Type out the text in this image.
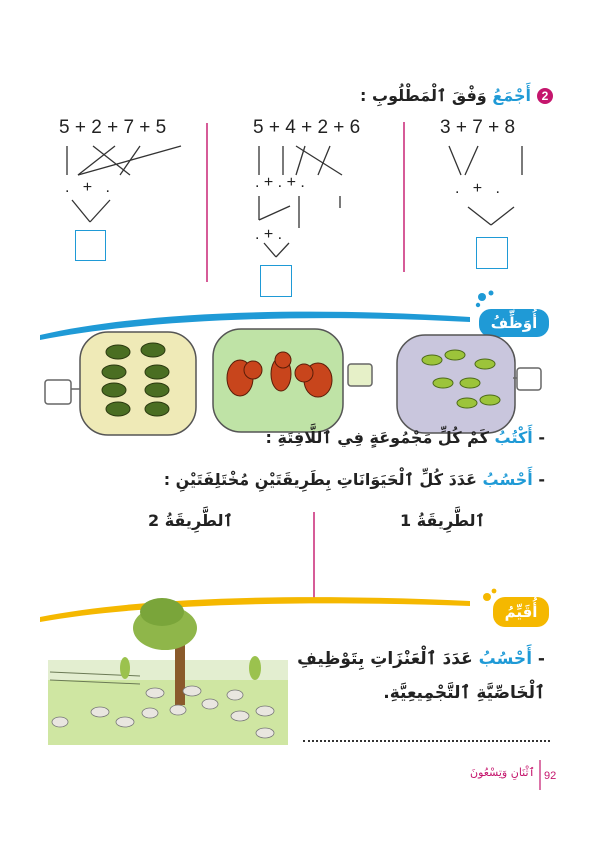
2
أَجْمَعُ وَفْقَ ٱلْمَطْلُوبِ :
3 + 7 + 8
.   +   .
5 + 4 + 2 + 6
. + . + .
. + .
5 + 2 + 7 + 5
.   +   .
أُوَظِّفُ
- أَكْتُبُ كَمْ كُلِّ مَجْمُوعَةٍ فِي ٱللَّافِتَةِ :
- أَحْسُبُ عَدَدَ كُلِّ ٱلْحَيَوَانَاتِ بِطَرِيقَتَيْنِ مُخْتَلِفَتَيْنِ :
ٱلطَّرِيقَةُ 1
ٱلطَّرِيقَةُ 2
أُقَيِّمُ
- أَحْسُبُ عَدَدَ ٱلْعَنْزَاتِ بِتَوْظِيفِ
ٱلْخَاصِّيَّةِ ٱلتَّجْمِيعِيَّةِ.
92
ٱثْنَانِ وَتِسْعُونَ
